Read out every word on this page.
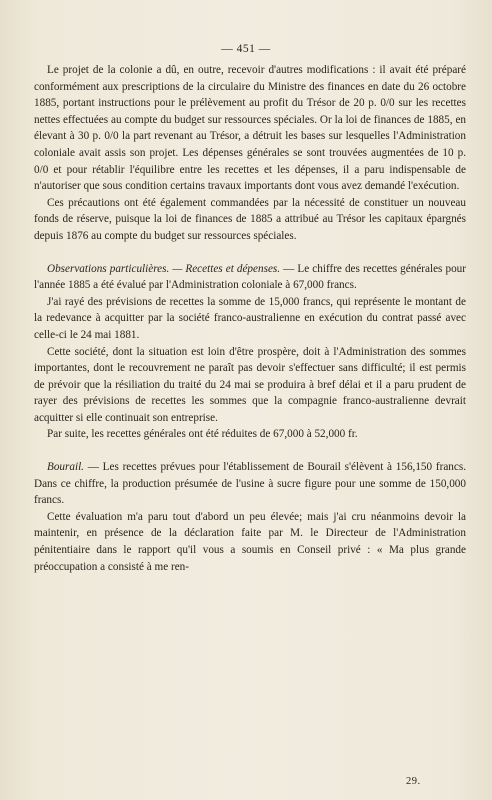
— 451 —

Le projet de la colonie a dû, en outre, recevoir d'autres modifications : il avait été préparé conformément aux prescriptions de la circulaire du Ministre des finances en date du 26 octobre 1885, portant instructions pour le prélèvement au profit du Trésor de 20 p. 0/0 sur les recettes nettes effectuées au compte du budget sur ressources spéciales. Or la loi de finances de 1885, en élevant à 30 p. 0/0 la part revenant au Trésor, a détruit les bases sur lesquelles l'Administration coloniale avait assis son projet. Les dépenses générales se sont trouvées augmentées de 10 p. 0/0 et pour rétablir l'équilibre entre les recettes et les dépenses, il a paru indispensable de n'autoriser que sous condition certains travaux importants dont vous avez demandé l'exécution.

Ces précautions ont été également commandées par la nécessité de constituer un nouveau fonds de réserve, puisque la loi de finances de 1885 a attribué au Trésor les capitaux épargnés depuis 1876 au compte du budget sur ressources spéciales.

Observations particulières. — Recettes et dépenses. — Le chiffre des recettes générales pour l'année 1885 a été évalué par l'Administration coloniale à 67,000 francs.

J'ai rayé des prévisions de recettes la somme de 15,000 francs, qui représente le montant de la redevance à acquitter par la société franco-australienne en exécution du contrat passé avec celle-ci le 24 mai 1881.

Cette société, dont la situation est loin d'être prospère, doit à l'Administration des sommes importantes, dont le recouvrement ne paraît pas devoir s'effectuer sans difficulté; il est permis de prévoir que la résiliation du traité du 24 mai se produira à bref délai et il a paru prudent de rayer des prévisions de recettes les sommes que la compagnie franco-australienne devrait acquitter si elle continuait son entreprise.

Par suite, les recettes générales ont été réduites de 67,000 à 52,000 fr.

Bourail. — Les recettes prévues pour l'établissement de Bourail s'élèvent à 156,150 francs. Dans ce chiffre, la production présumée de l'usine à sucre figure pour une somme de 150,000 francs.

Cette évaluation m'a paru tout d'abord un peu élevée; mais j'ai cru néanmoins devoir la maintenir, en présence de la déclaration faite par M. le Directeur de l'Administration pénitentiaire dans le rapport qu'il vous a soumis en Conseil privé : « Ma plus grande préoccupation a consisté à me ren-

29.
